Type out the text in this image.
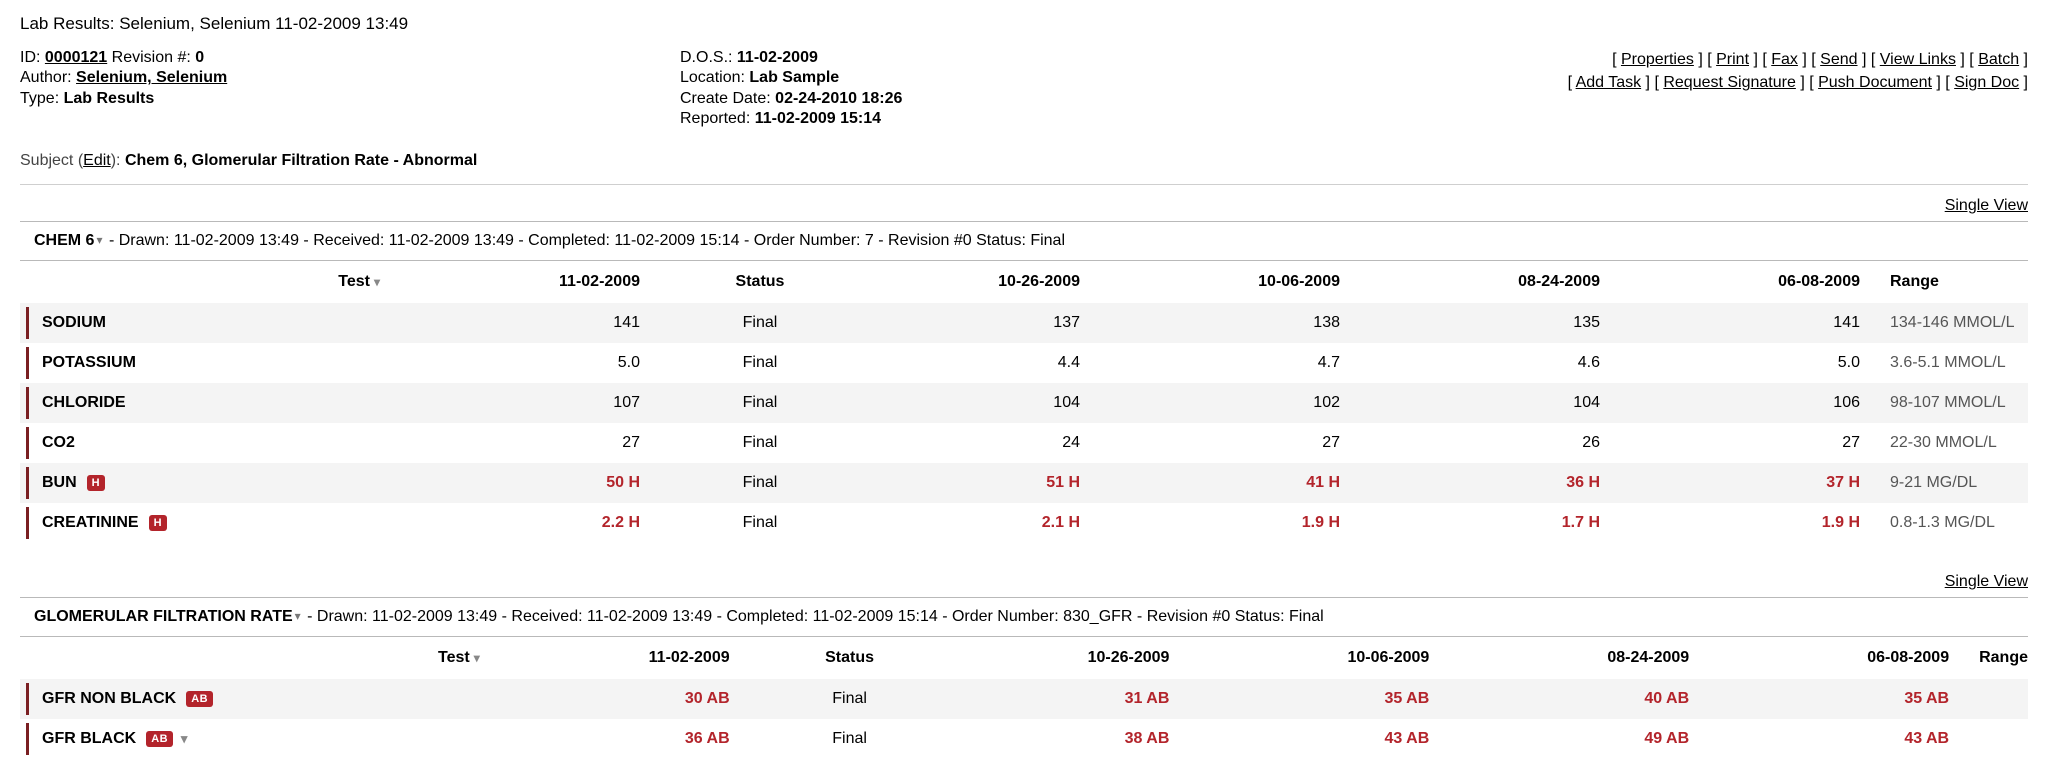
Lab Results: Selenium, Selenium 11-02-2009 13:49
ID: 0000121 Revision #: 0
Author: Selenium, Selenium
Type: Lab Results
D.O.S.: 11-02-2009
Location: Lab Sample
Create Date: 02-24-2010 18:26
Reported: 11-02-2009 15:14
[ Properties ] [ Print ] [ Fax ] [ Send ] [ View Links ] [ Batch ]
[ Add Task ] [ Request Signature ] [ Push Document ] [ Sign Doc ]
Subject (Edit): Chem 6, Glomerular Filtration Rate - Abnormal
Single View
CHEM 6 ▾ - Drawn: 11-02-2009 13:49 - Received: 11-02-2009 13:49 - Completed: 11-02-2009 15:14 - Order Number: 7 - Revision #0 Status: Final
Test ▾	11-02-2009	Status	10-26-2009	10-06-2009	08-24-2009	06-08-2009	Range

SODIUM	141	Final	137	138	135	141	134-146 MMOL/L

POTASSIUM	5.0	Final	4.4	4.7	4.6	5.0	3.6-5.1 MMOL/L

CHLORIDE	107	Final	104	102	104	106	98-107 MMOL/L

CO2	27	Final	24	27	26	27	22-30 MMOL/L

BUN H	50 H	Final	51 H	41 H	36 H	37 H	9-21 MG/DL

CREATININE H	2.2 H	Final	2.1 H	1.9 H	1.7 H	1.9 H	0.8-1.3 MG/DL
Single View
GLOMERULAR FILTRATION RATE ▾ - Drawn: 11-02-2009 13:49 - Received: 11-02-2009 13:49 - Completed: 11-02-2009 15:14 - Order Number: 830_GFR - Revision #0 Status: Final
Test ▾	11-02-2009	Status	10-26-2009	10-06-2009	08-24-2009	06-08-2009	Range

GFR NON BLACK AB	30 AB	Final	31 AB	35 AB	40 AB	35 AB	

GFR BLACK AB ▾	36 AB	Final	38 AB	43 AB	49 AB	43 AB	
